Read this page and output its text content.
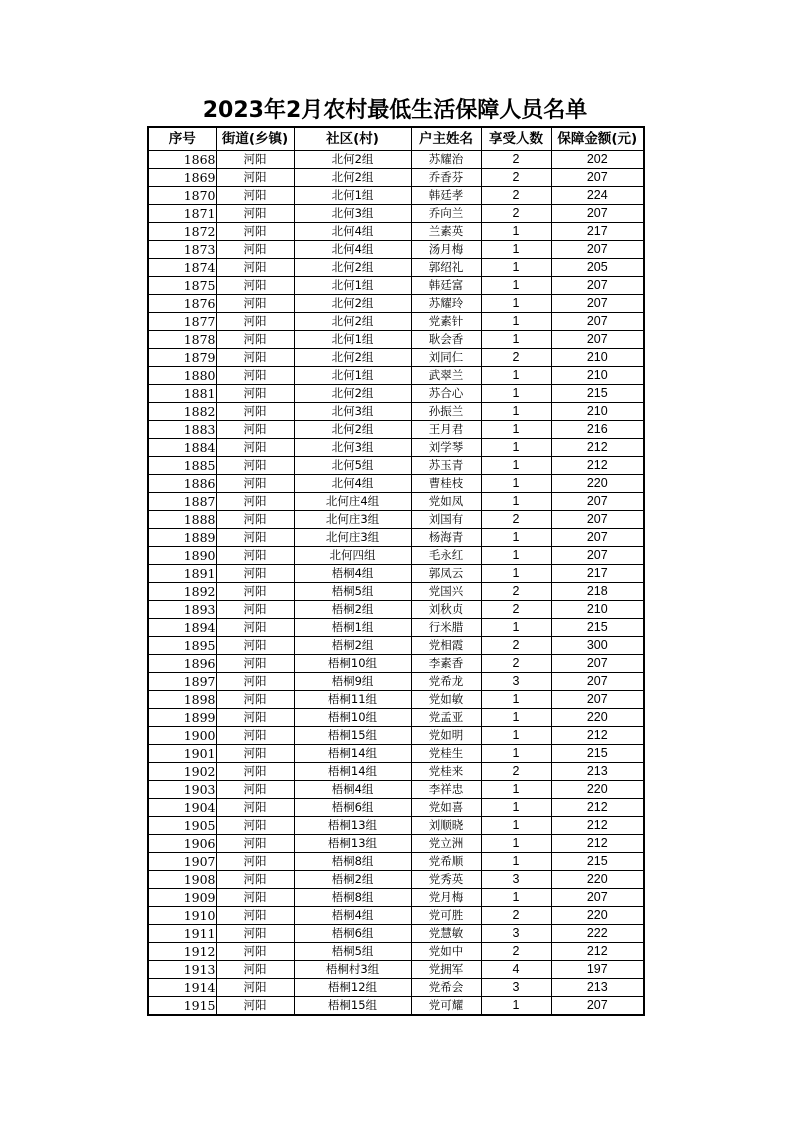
2023年2月农村最低生活保障人员名单
序号	街道(乡镇)	社区(村)	户主姓名	享受人数	保障金额(元)
1868	河阳	北何2组	苏耀治	2	202
1869	河阳	北何2组	乔香芬	2	207
1870	河阳	北何1组	韩廷孝	2	224
1871	河阳	北何3组	乔向兰	2	207
1872	河阳	北何4组	兰素英	1	217
1873	河阳	北何4组	汤月梅	1	207
1874	河阳	北何2组	郭绍礼	1	205
1875	河阳	北何1组	韩廷富	1	207
1876	河阳	北何2组	苏耀玲	1	207
1877	河阳	北何2组	党素针	1	207
1878	河阳	北何1组	耿会香	1	207
1879	河阳	北何2组	刘同仁	2	210
1880	河阳	北何1组	武翠兰	1	210
1881	河阳	北何2组	苏合心	1	215
1882	河阳	北何3组	孙振兰	1	210
1883	河阳	北何2组	王月君	1	216
1884	河阳	北何3组	刘学琴	1	212
1885	河阳	北何5组	苏玉青	1	212
1886	河阳	北何4组	曹桂枝	1	220
1887	河阳	北何庄4组	党如凤	1	207
1888	河阳	北何庄3组	刘国有	2	207
1889	河阳	北何庄3组	杨海青	1	207
1890	河阳	北何四组	毛永红	1	207
1891	河阳	梧桐4组	郭凤云	1	217
1892	河阳	梧桐5组	党国兴	2	218
1893	河阳	梧桐2组	刘秋贞	2	210
1894	河阳	梧桐1组	行米腊	1	215
1895	河阳	梧桐2组	党相霞	2	300
1896	河阳	梧桐10组	李素香	2	207
1897	河阳	梧桐9组	党希龙	3	207
1898	河阳	梧桐11组	党如敏	1	207
1899	河阳	梧桐10组	党孟亚	1	220
1900	河阳	梧桐15组	党如明	1	212
1901	河阳	梧桐14组	党桂生	1	215
1902	河阳	梧桐14组	党桂来	2	213
1903	河阳	梧桐4组	李祥忠	1	220
1904	河阳	梧桐6组	党如喜	1	212
1905	河阳	梧桐13组	刘顺晓	1	212
1906	河阳	梧桐13组	党立洲	1	212
1907	河阳	梧桐8组	党希顺	1	215
1908	河阳	梧桐2组	党秀英	3	220
1909	河阳	梧桐8组	党月梅	1	207
1910	河阳	梧桐4组	党可胜	2	220
1911	河阳	梧桐6组	党慧敏	3	222
1912	河阳	梧桐5组	党如中	2	212
1913	河阳	梧桐村3组	党拥军	4	197
1914	河阳	梧桐12组	党希会	3	213
1915	河阳	梧桐15组	党可耀	1	207
